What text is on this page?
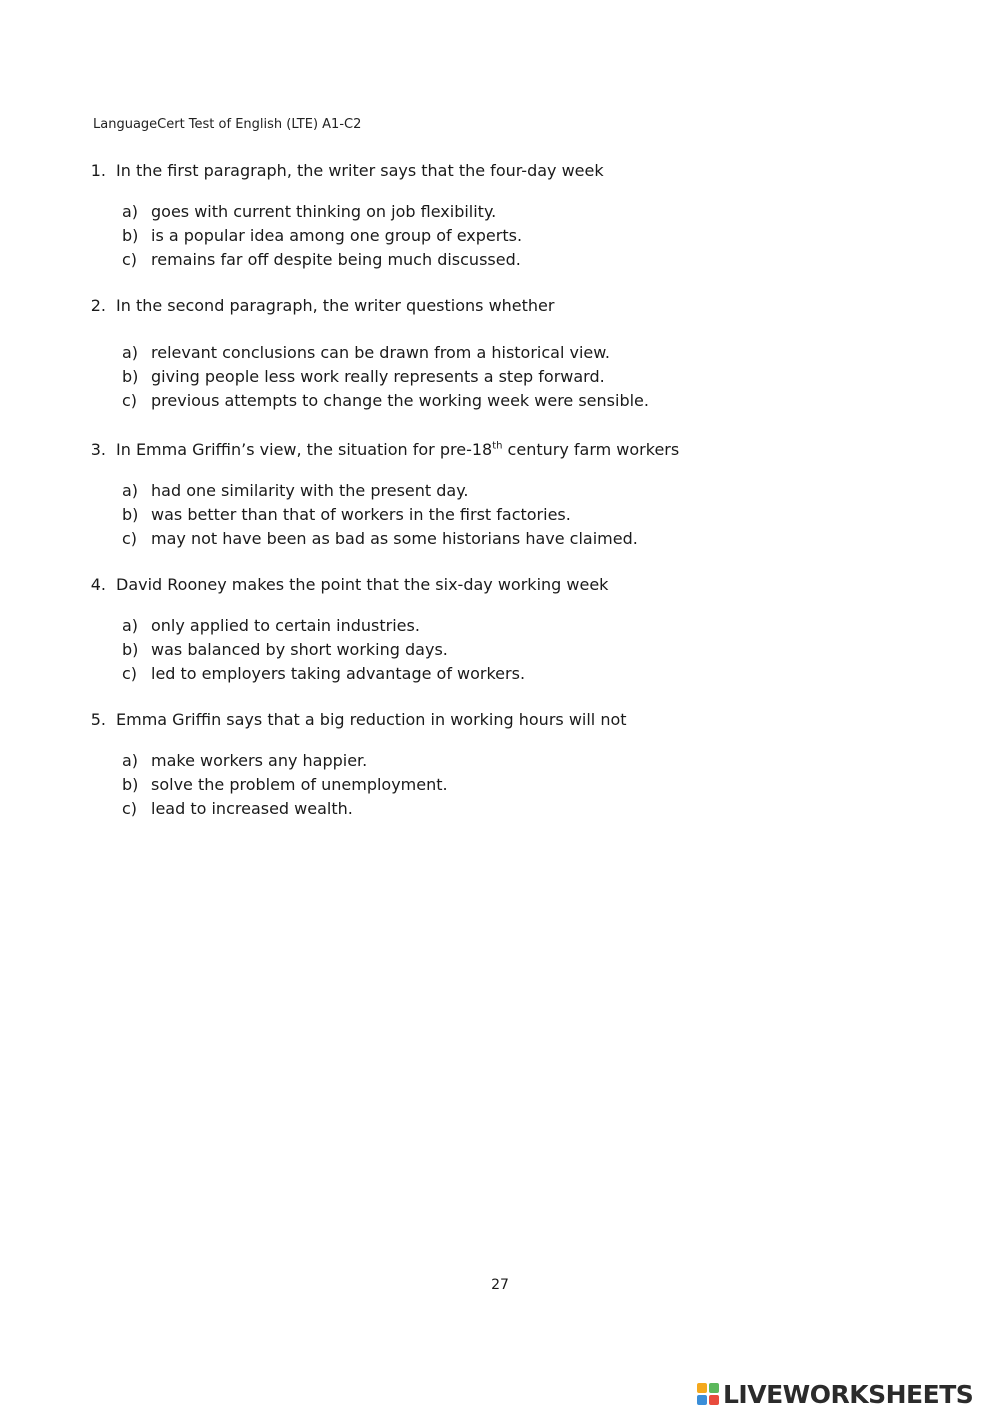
LanguageCert Test of English (LTE) A1-C2
1. In the first paragraph, the writer says that the four-day week
a) goes with current thinking on job flexibility.
b) is a popular idea among one group of experts.
c) remains far off despite being much discussed.
2. In the second paragraph, the writer questions whether
a) relevant conclusions can be drawn from a historical view.
b) giving people less work really represents a step forward.
c) previous attempts to change the working week were sensible.
3. In Emma Griffin’s view, the situation for pre-18th century farm workers
a) had one similarity with the present day.
b) was better than that of workers in the first factories.
c) may not have been as bad as some historians have claimed.
4. David Rooney makes the point that the six-day working week
a) only applied to certain industries.
b) was balanced by short working days.
c) led to employers taking advantage of workers.
5. Emma Griffin says that a big reduction in working hours will not
a) make workers any happier.
b) solve the problem of unemployment.
c) lead to increased wealth.
27
LIVEWORKSHEETS
